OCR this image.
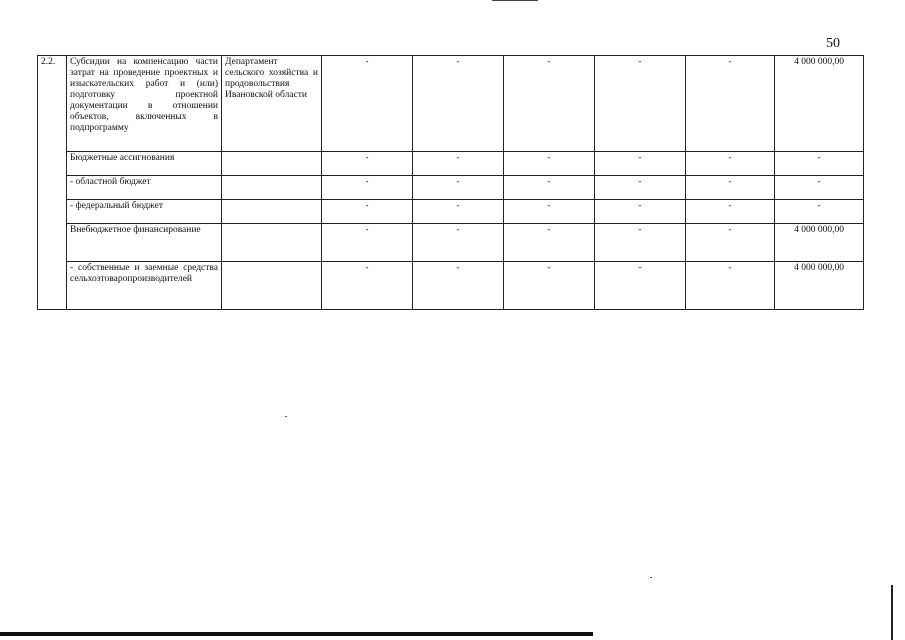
50
2.2.	Субсидии на компенсацию части затрат на проведение проектных и изыскательских работ и (или) подготовку проектной документации в отношении объектов, включенных в подпрограмму	Департамент сельского хозяйства и продовольствия Ивановской области	-	-	-	-	-	4 000 000,00
	Бюджетные ассигнования		-	-	-	-	-	-
	- областной бюджет		-	-	-	-	-	-
	- федеральный бюджет		-	-	-	-	-	-
	Внебюджетное финансирование		-	-	-	-	-	4 000 000,00
	- собственные и заемные средства сельхозтоваропроизводителей		-	-	-	-	-	4 000 000,00
